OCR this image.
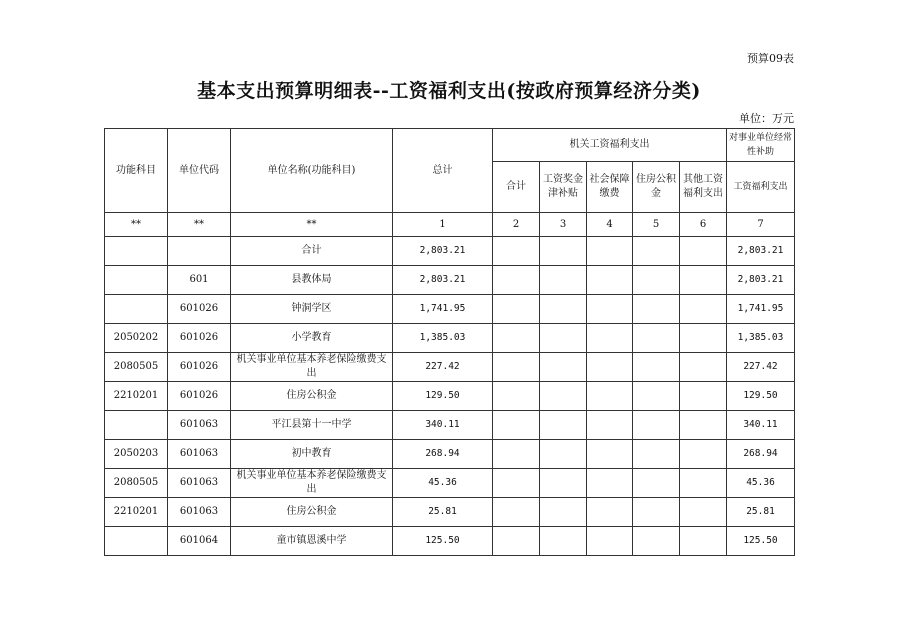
预算09表
基本支出预算明细表--工资福利支出(按政府预算经济分类)
单位：万元
功能科目	单位代码	单位名称(功能科目)	总计	机关工资福利支出					对事业单位经常性补助
				合计	工资奖金津补贴	社会保障缴费	住房公积金	其他工资福利支出	工资福利支出
**	**	**	1	2	3	4	5	6	7
		合计	2,803.21						2,803.21
	601	县教体局	2,803.21						2,803.21
	601026	钟洞学区	1,741.95						1,741.95
2050202	601026	小学教育	1,385.03						1,385.03
2080505	601026	机关事业单位基本养老保险缴费支出	227.42						227.42
2210201	601026	住房公积金	129.50						129.50
	601063	平江县第十一中学	340.11						340.11
2050203	601063	初中教育	268.94						268.94
2080505	601063	机关事业单位基本养老保险缴费支出	45.36						45.36
2210201	601063	住房公积金	25.81						25.81
	601064	童市镇恩溪中学	125.50						125.50
